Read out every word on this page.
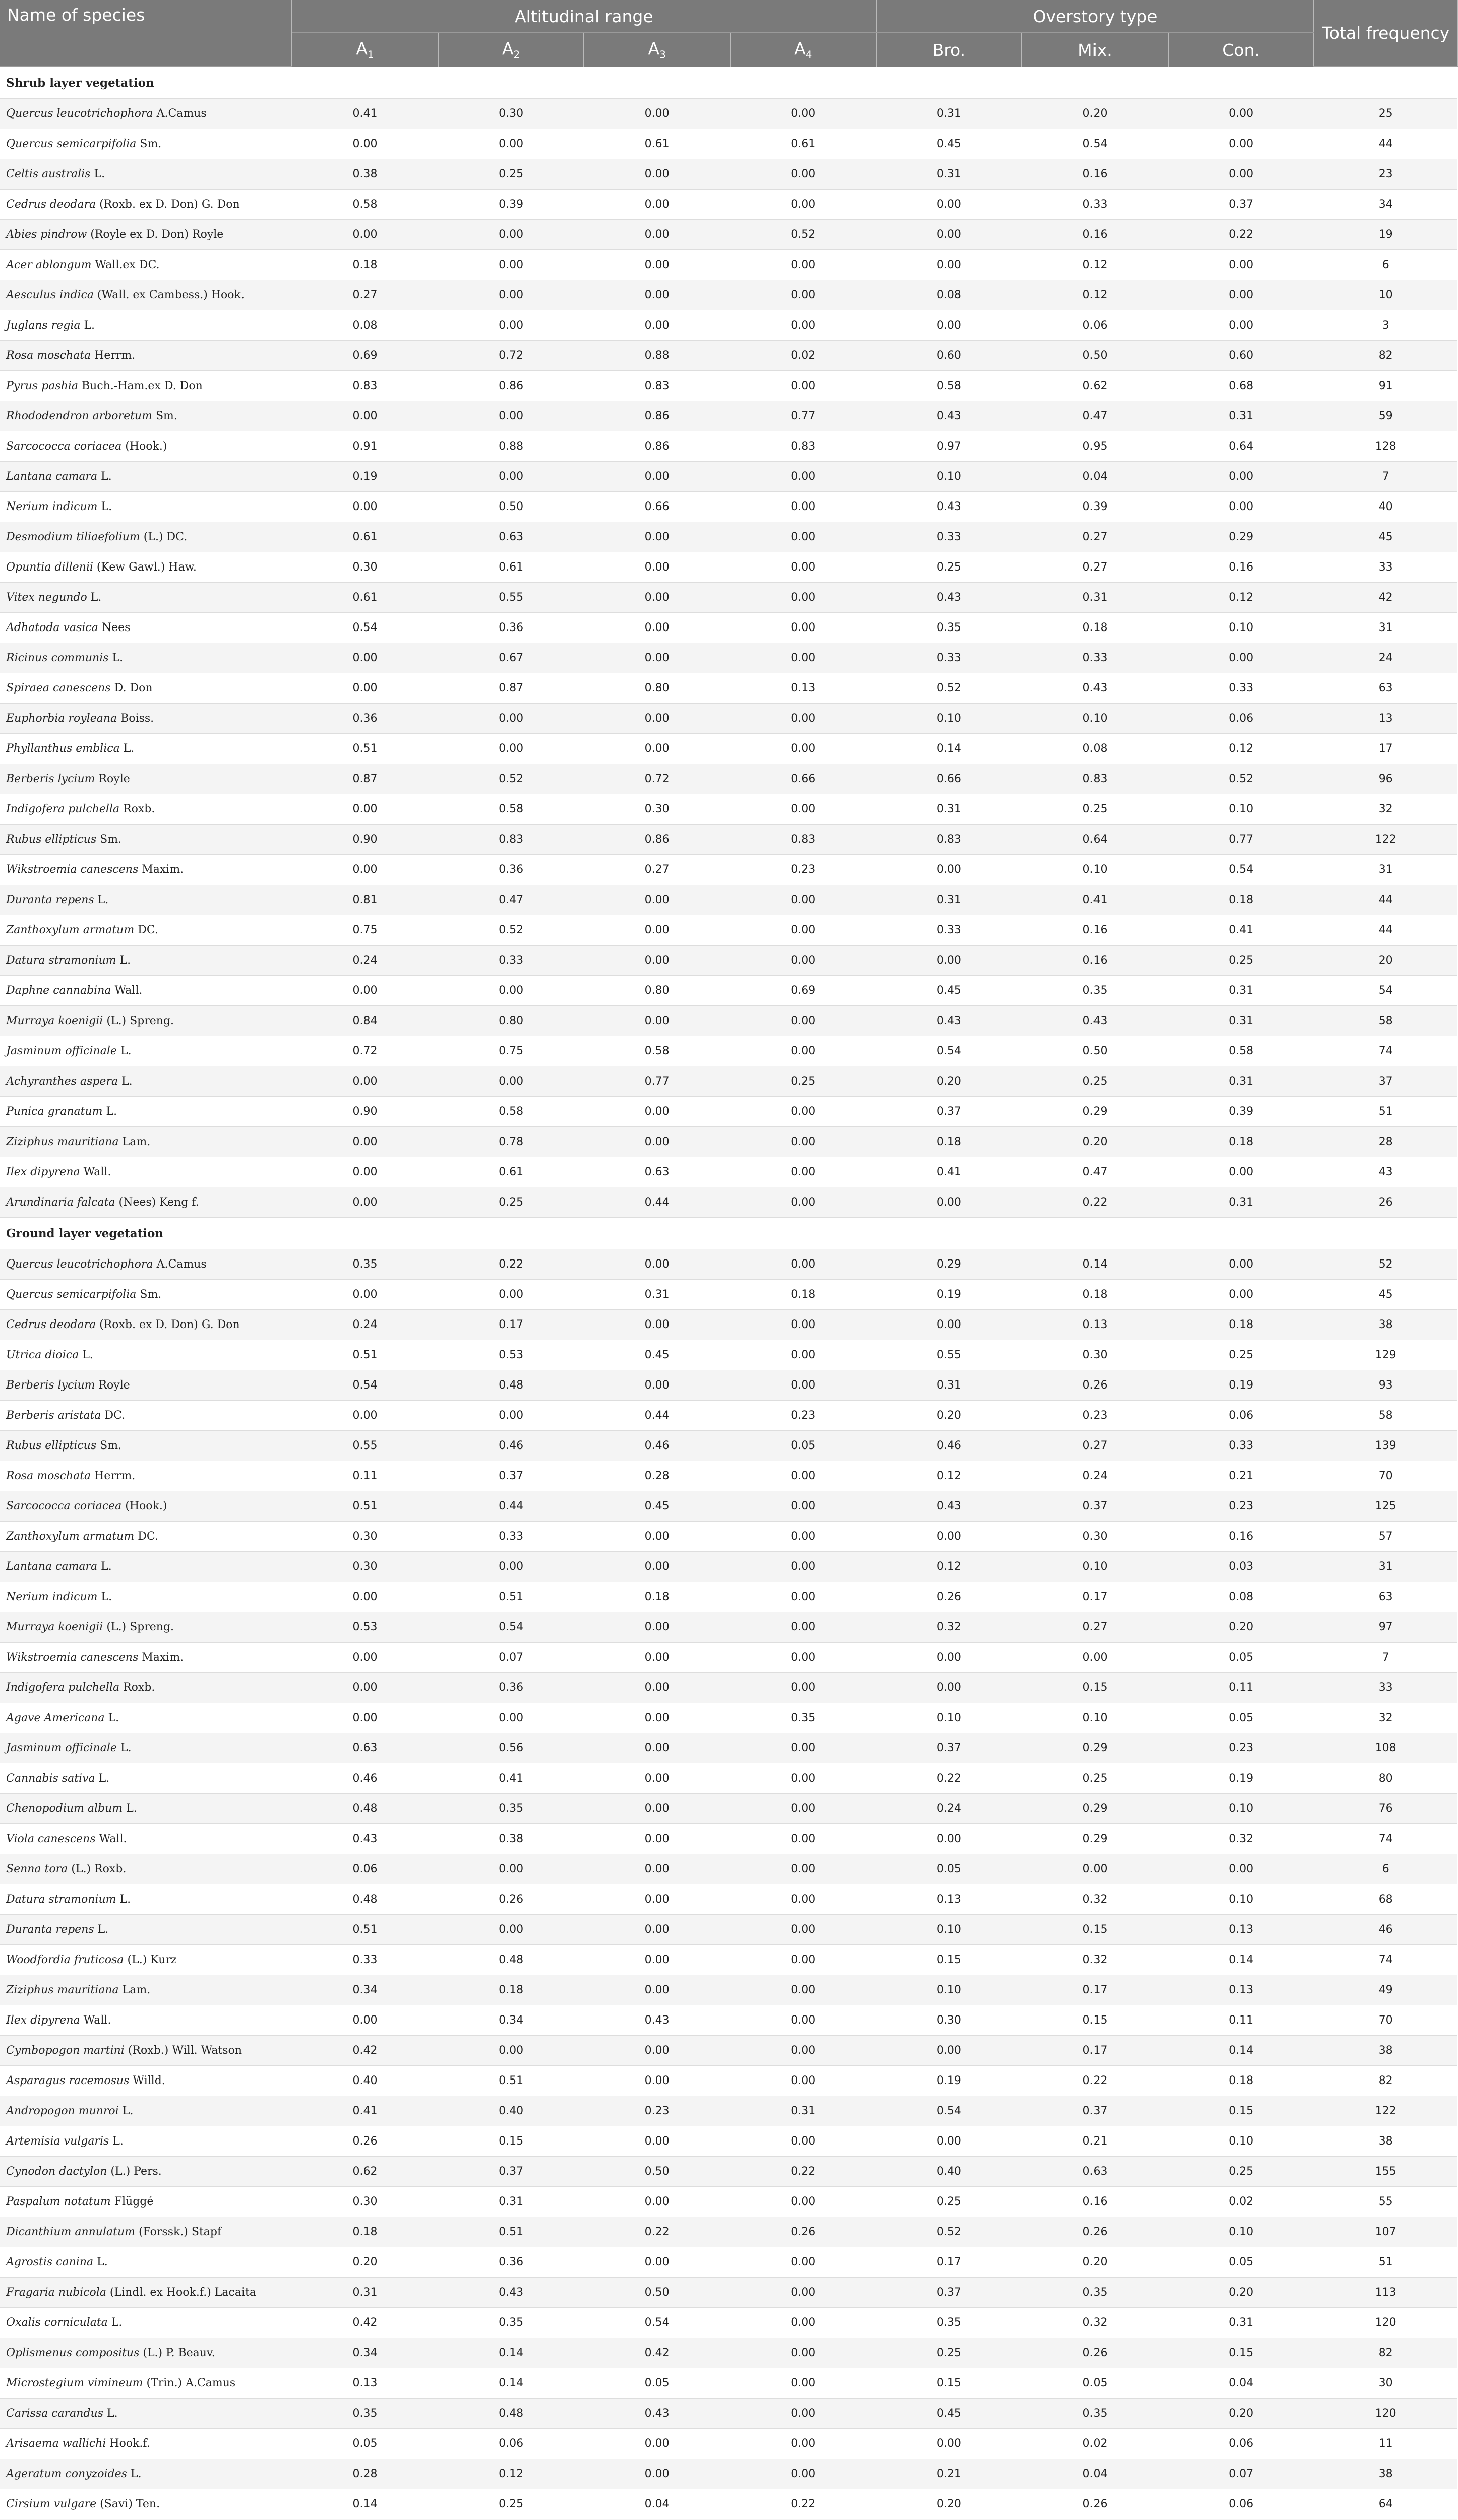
Name of species	Altitudinal range				Overstory type			Total frequency
	$A_1$	$A_2$	$A_3$	$A_4$	Bro.	Mix.	Con.	
Shrub layer vegetation								
Quercus leucotrichophora A.Camus	0.41	0.30	0.00	0.00	0.31	0.20	0.00	25
Quercus semicarpifolia Sm.	0.00	0.00	0.61	0.61	0.45	0.54	0.00	44
Celtis australis L.	0.38	0.25	0.00	0.00	0.31	0.16	0.00	23
Cedrus deodara (Roxb. ex D. Don) G. Don	0.58	0.39	0.00	0.00	0.00	0.33	0.37	34
Abies pindrow (Royle ex D. Don) Royle	0.00	0.00	0.00	0.52	0.00	0.16	0.22	19
Acer ablongum Wall.ex DC.	0.18	0.00	0.00	0.00	0.00	0.12	0.00	6
Aesculus indica (Wall. ex Cambess.) Hook.	0.27	0.00	0.00	0.00	0.08	0.12	0.00	10
Juglans regia L.	0.08	0.00	0.00	0.00	0.00	0.06	0.00	3
Rosa moschata Herrm.	0.69	0.72	0.88	0.02	0.60	0.50	0.60	82
Pyrus pashia Buch.-Ham.ex D. Don	0.83	0.86	0.83	0.00	0.58	0.62	0.68	91
Rhododendron arboretum Sm.	0.00	0.00	0.86	0.77	0.43	0.47	0.31	59
Sarcococca coriacea (Hook.)	0.91	0.88	0.86	0.83	0.97	0.95	0.64	128
Lantana camara L.	0.19	0.00	0.00	0.00	0.10	0.04	0.00	7
Nerium indicum L.	0.00	0.50	0.66	0.00	0.43	0.39	0.00	40
Desmodium tiliaefolium (L.) DC.	0.61	0.63	0.00	0.00	0.33	0.27	0.29	45
Opuntia dillenii (Kew Gawl.) Haw.	0.30	0.61	0.00	0.00	0.25	0.27	0.16	33
Vitex negundo L.	0.61	0.55	0.00	0.00	0.43	0.31	0.12	42
Adhatoda vasica Nees	0.54	0.36	0.00	0.00	0.35	0.18	0.10	31
Ricinus communis L.	0.00	0.67	0.00	0.00	0.33	0.33	0.00	24
Spiraea canescens D. Don	0.00	0.87	0.80	0.13	0.52	0.43	0.33	63
Euphorbia royleana Boiss.	0.36	0.00	0.00	0.00	0.10	0.10	0.06	13
Phyllanthus emblica L.	0.51	0.00	0.00	0.00	0.14	0.08	0.12	17
Berberis lycium Royle	0.87	0.52	0.72	0.66	0.66	0.83	0.52	96
Indigofera pulchella Roxb.	0.00	0.58	0.30	0.00	0.31	0.25	0.10	32
Rubus ellipticus Sm.	0.90	0.83	0.86	0.83	0.83	0.64	0.77	122
Wikstroemia canescens Maxim.	0.00	0.36	0.27	0.23	0.00	0.10	0.54	31
Duranta repens L.	0.81	0.47	0.00	0.00	0.31	0.41	0.18	44
Zanthoxylum armatum DC.	0.75	0.52	0.00	0.00	0.33	0.16	0.41	44
Datura stramonium L.	0.24	0.33	0.00	0.00	0.00	0.16	0.25	20
Daphne cannabina Wall.	0.00	0.00	0.80	0.69	0.45	0.35	0.31	54
Murraya koenigii (L.) Spreng.	0.84	0.80	0.00	0.00	0.43	0.43	0.31	58
Jasminum officinale L.	0.72	0.75	0.58	0.00	0.54	0.50	0.58	74
Achyranthes aspera L.	0.00	0.00	0.77	0.25	0.20	0.25	0.31	37
Punica granatum L.	0.90	0.58	0.00	0.00	0.37	0.29	0.39	51
Ziziphus mauritiana Lam.	0.00	0.78	0.00	0.00	0.18	0.20	0.18	28
Ilex dipyrena Wall.	0.00	0.61	0.63	0.00	0.41	0.47	0.00	43
Arundinaria falcata (Nees) Keng f.	0.00	0.25	0.44	0.00	0.00	0.22	0.31	26
Ground layer vegetation								
Quercus leucotrichophora A.Camus	0.35	0.22	0.00	0.00	0.29	0.14	0.00	52
Quercus semicarpifolia Sm.	0.00	0.00	0.31	0.18	0.19	0.18	0.00	45
Cedrus deodara (Roxb. ex D. Don) G. Don	0.24	0.17	0.00	0.00	0.00	0.13	0.18	38
Utrica dioica L.	0.51	0.53	0.45	0.00	0.55	0.30	0.25	129
Berberis lycium Royle	0.54	0.48	0.00	0.00	0.31	0.26	0.19	93
Berberis aristata DC.	0.00	0.00	0.44	0.23	0.20	0.23	0.06	58
Rubus ellipticus Sm.	0.55	0.46	0.46	0.05	0.46	0.27	0.33	139
Rosa moschata Herrm.	0.11	0.37	0.28	0.00	0.12	0.24	0.21	70
Sarcococca coriacea (Hook.)	0.51	0.44	0.45	0.00	0.43	0.37	0.23	125
Zanthoxylum armatum DC.	0.30	0.33	0.00	0.00	0.00	0.30	0.16	57
Lantana camara L.	0.30	0.00	0.00	0.00	0.12	0.10	0.03	31
Nerium indicum L.	0.00	0.51	0.18	0.00	0.26	0.17	0.08	63
Murraya koenigii (L.) Spreng.	0.53	0.54	0.00	0.00	0.32	0.27	0.20	97
Wikstroemia canescens Maxim.	0.00	0.07	0.00	0.00	0.00	0.00	0.05	7
Indigofera pulchella Roxb.	0.00	0.36	0.00	0.00	0.00	0.15	0.11	33
Agave Americana L.	0.00	0.00	0.00	0.35	0.10	0.10	0.05	32
Jasminum officinale L.	0.63	0.56	0.00	0.00	0.37	0.29	0.23	108
Cannabis sativa L.	0.46	0.41	0.00	0.00	0.22	0.25	0.19	80
Chenopodium album L.	0.48	0.35	0.00	0.00	0.24	0.29	0.10	76
Viola canescens Wall.	0.43	0.38	0.00	0.00	0.00	0.29	0.32	74
Senna tora (L.) Roxb.	0.06	0.00	0.00	0.00	0.05	0.00	0.00	6
Datura stramonium L.	0.48	0.26	0.00	0.00	0.13	0.32	0.10	68
Duranta repens L.	0.51	0.00	0.00	0.00	0.10	0.15	0.13	46
Woodfordia fruticosa (L.) Kurz	0.33	0.48	0.00	0.00	0.15	0.32	0.14	74
Ziziphus mauritiana Lam.	0.34	0.18	0.00	0.00	0.10	0.17	0.13	49
Ilex dipyrena Wall.	0.00	0.34	0.43	0.00	0.30	0.15	0.11	70
Cymbopogon martini (Roxb.) Will. Watson	0.42	0.00	0.00	0.00	0.00	0.17	0.14	38
Asparagus racemosus Willd.	0.40	0.51	0.00	0.00	0.19	0.22	0.18	82
Andropogon munroi L.	0.41	0.40	0.23	0.31	0.54	0.37	0.15	122
Artemisia vulgaris L.	0.26	0.15	0.00	0.00	0.00	0.21	0.10	38
Cynodon dactylon (L.) Pers.	0.62	0.37	0.50	0.22	0.40	0.63	0.25	155
Paspalum notatum Flüggé	0.30	0.31	0.00	0.00	0.25	0.16	0.02	55
Dicanthium annulatum (Forssk.) Stapf	0.18	0.51	0.22	0.26	0.52	0.26	0.10	107
Agrostis canina L.	0.20	0.36	0.00	0.00	0.17	0.20	0.05	51
Fragaria nubicola (Lindl. ex Hook.f.) Lacaita	0.31	0.43	0.50	0.00	0.37	0.35	0.20	113
Oxalis corniculata L.	0.42	0.35	0.54	0.00	0.35	0.32	0.31	120
Oplismenus compositus (L.) P. Beauv.	0.34	0.14	0.42	0.00	0.25	0.26	0.15	82
Microstegium vimineum (Trin.) A.Camus	0.13	0.14	0.05	0.00	0.15	0.05	0.04	30
Carissa carandus L.	0.35	0.48	0.43	0.00	0.45	0.35	0.20	120
Arisaema wallichi Hook.f.	0.05	0.06	0.00	0.00	0.00	0.02	0.06	11
Ageratum conyzoides L.	0.28	0.12	0.00	0.00	0.21	0.04	0.07	38
Cirsium vulgare (Savi) Ten.	0.14	0.25	0.04	0.22	0.20	0.26	0.06	64
